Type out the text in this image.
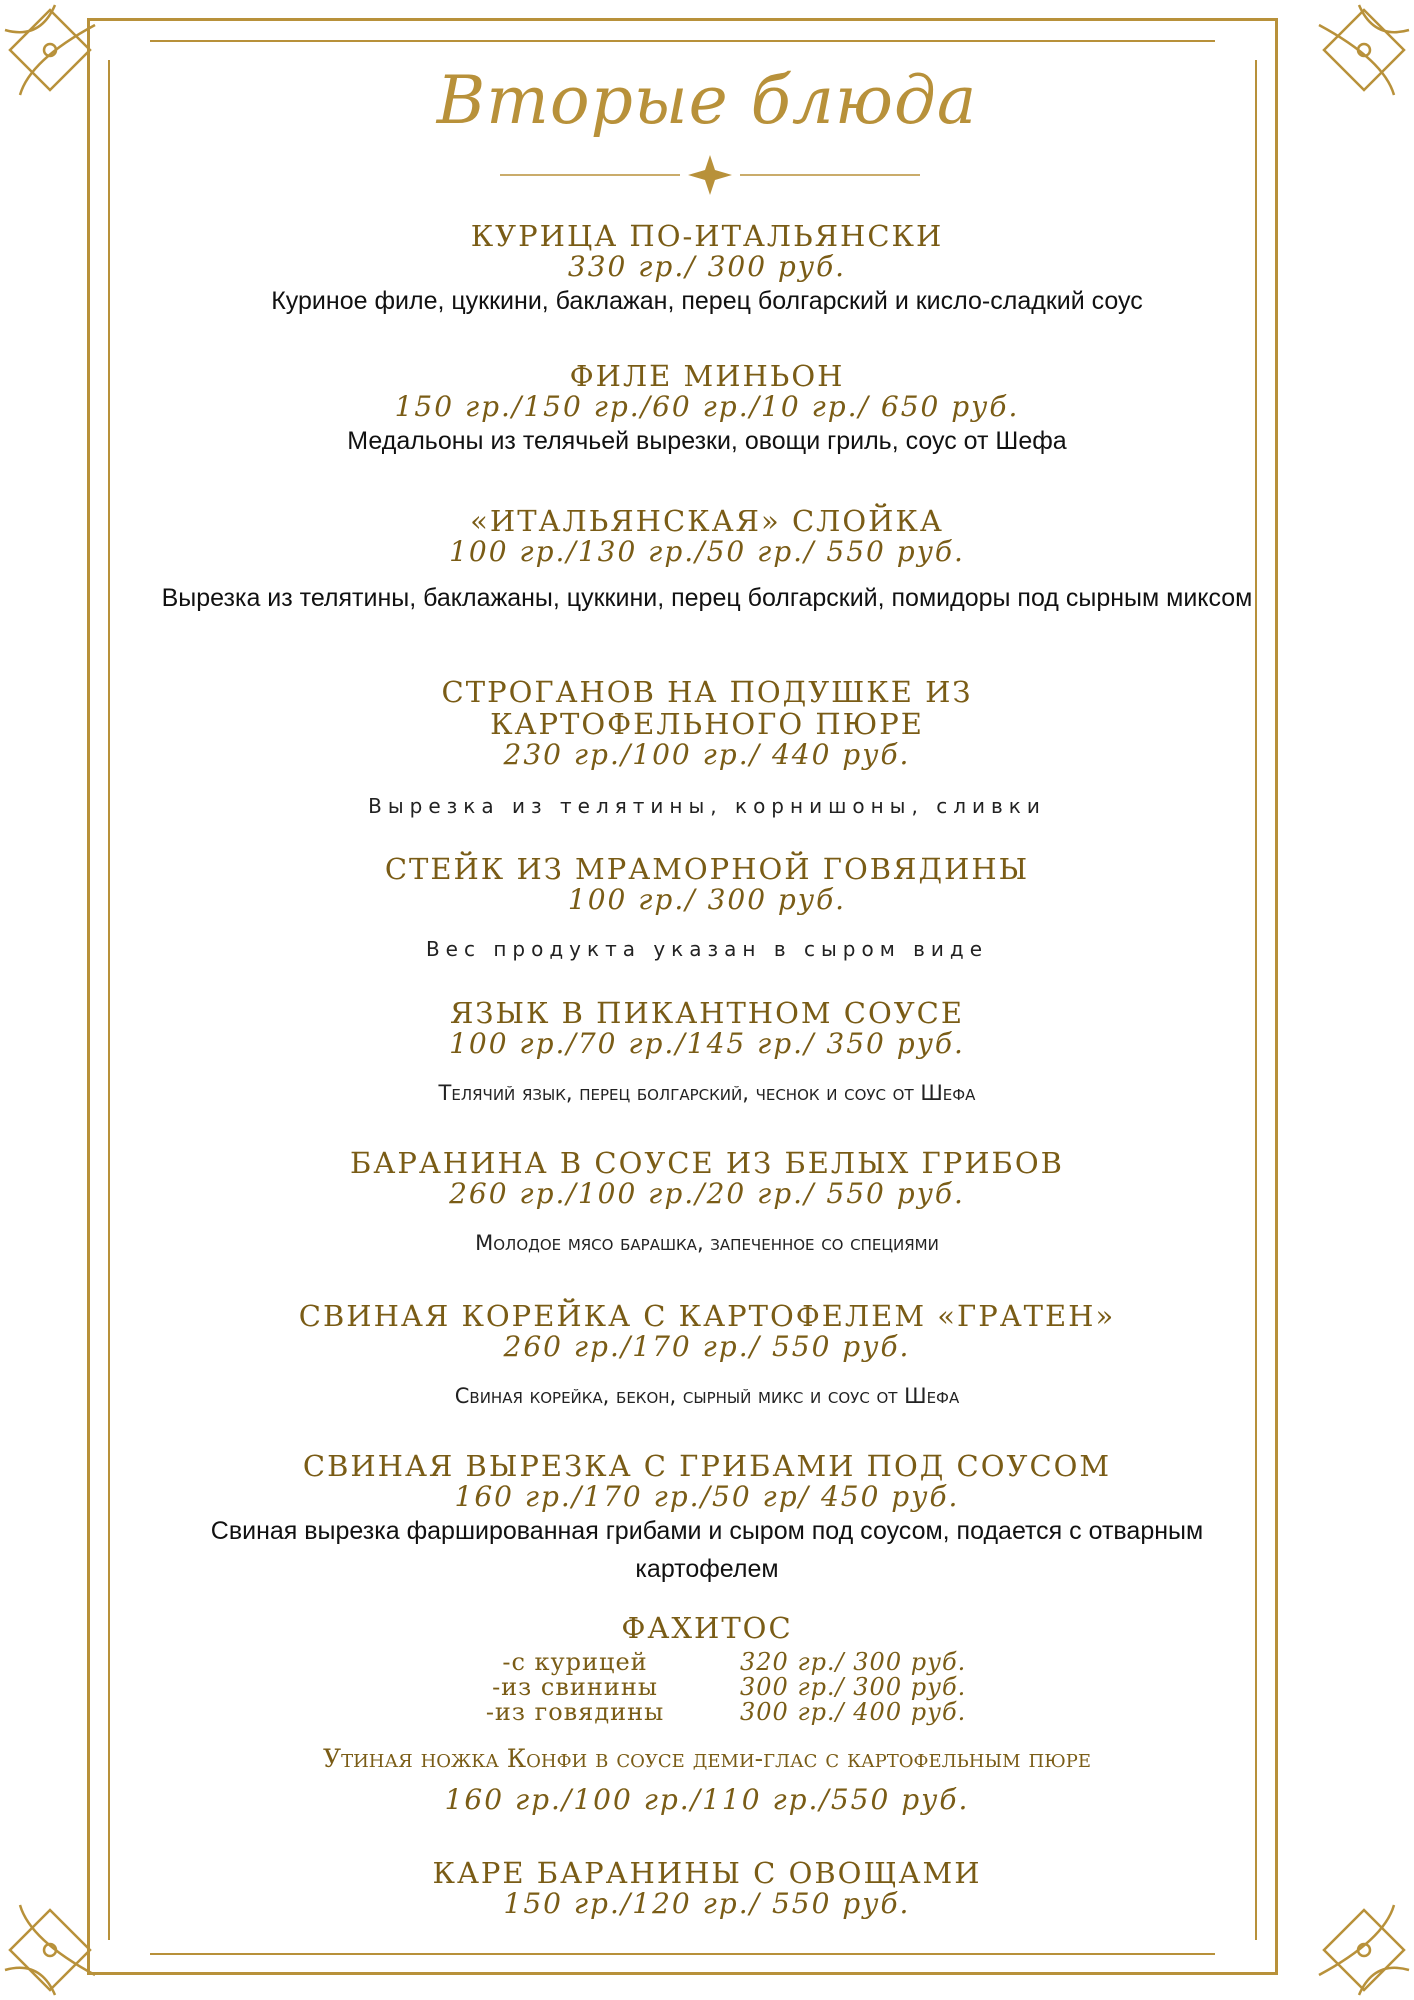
Вторые блюда
КУРИЦА ПО-ИТАЛЬЯНСКИ
330 гр./ 300 руб.
Куриное филе, цуккини, баклажан, перец болгарский и кисло-сладкий соус
ФИЛЕ МИНЬОН
150 гр./150 гр./60 гр./10 гр./ 650 руб.
Медальоны из телячьей вырезки, овощи гриль, соус от Шефа
«ИТАЛЬЯНСКАЯ» СЛОЙКА
100 гр./130 гр./50 гр./ 550 руб.
Вырезка из телятины, баклажаны, цуккини, перец болгарский, помидоры под сырным миксом
СТРОГАНОВ НА ПОДУШКЕ ИЗ КАРТОФЕЛЬНОГО ПЮРЕ
230 гр./100 гр./ 440 руб.
Вырезка из телятины, корнишоны, сливки
СТЕЙК ИЗ МРАМОРНОЙ ГОВЯДИНЫ
100 гр./ 300 руб.
Вес продукта указан в сыром виде
ЯЗЫК В ПИКАНТНОМ СОУСЕ
100 гр./70 гр./145 гр./ 350 руб.
Телячий язык, перец болгарский, чеснок и соус от Шефа
БАРАНИНА В СОУСЕ ИЗ БЕЛЫХ ГРИБОВ
260 гр./100 гр./20 гр./ 550 руб.
Молодое мясо барашка, запеченное со специями
СВИНАЯ КОРЕЙКА С КАРТОФЕЛЕМ «ГРАТЕН»
260 гр./170 гр./ 550 руб.
Свиная корейка, бекон, сырный микс и соус от Шефа
СВИНАЯ ВЫРЕЗКА С ГРИБАМИ ПОД СОУСОМ
160 гр./170 гр./50 гр/ 450 руб.
Свиная вырезка фаршированная грибами и сыром под соусом, подается с отварным картофелем
ФАХИТОС
-с курицей	320 гр./ 300 руб.
-из свинины	300 гр./ 300 руб.
-из говядины	300 гр./ 400 руб.
Утиная ножка Конфи в соусе деми-глас с картофельным пюре
160 гр./100 гр./110 гр./550 руб.
КАРЕ БАРАНИНЫ С ОВОЩАМИ
150 гр./120 гр./ 550 руб.
